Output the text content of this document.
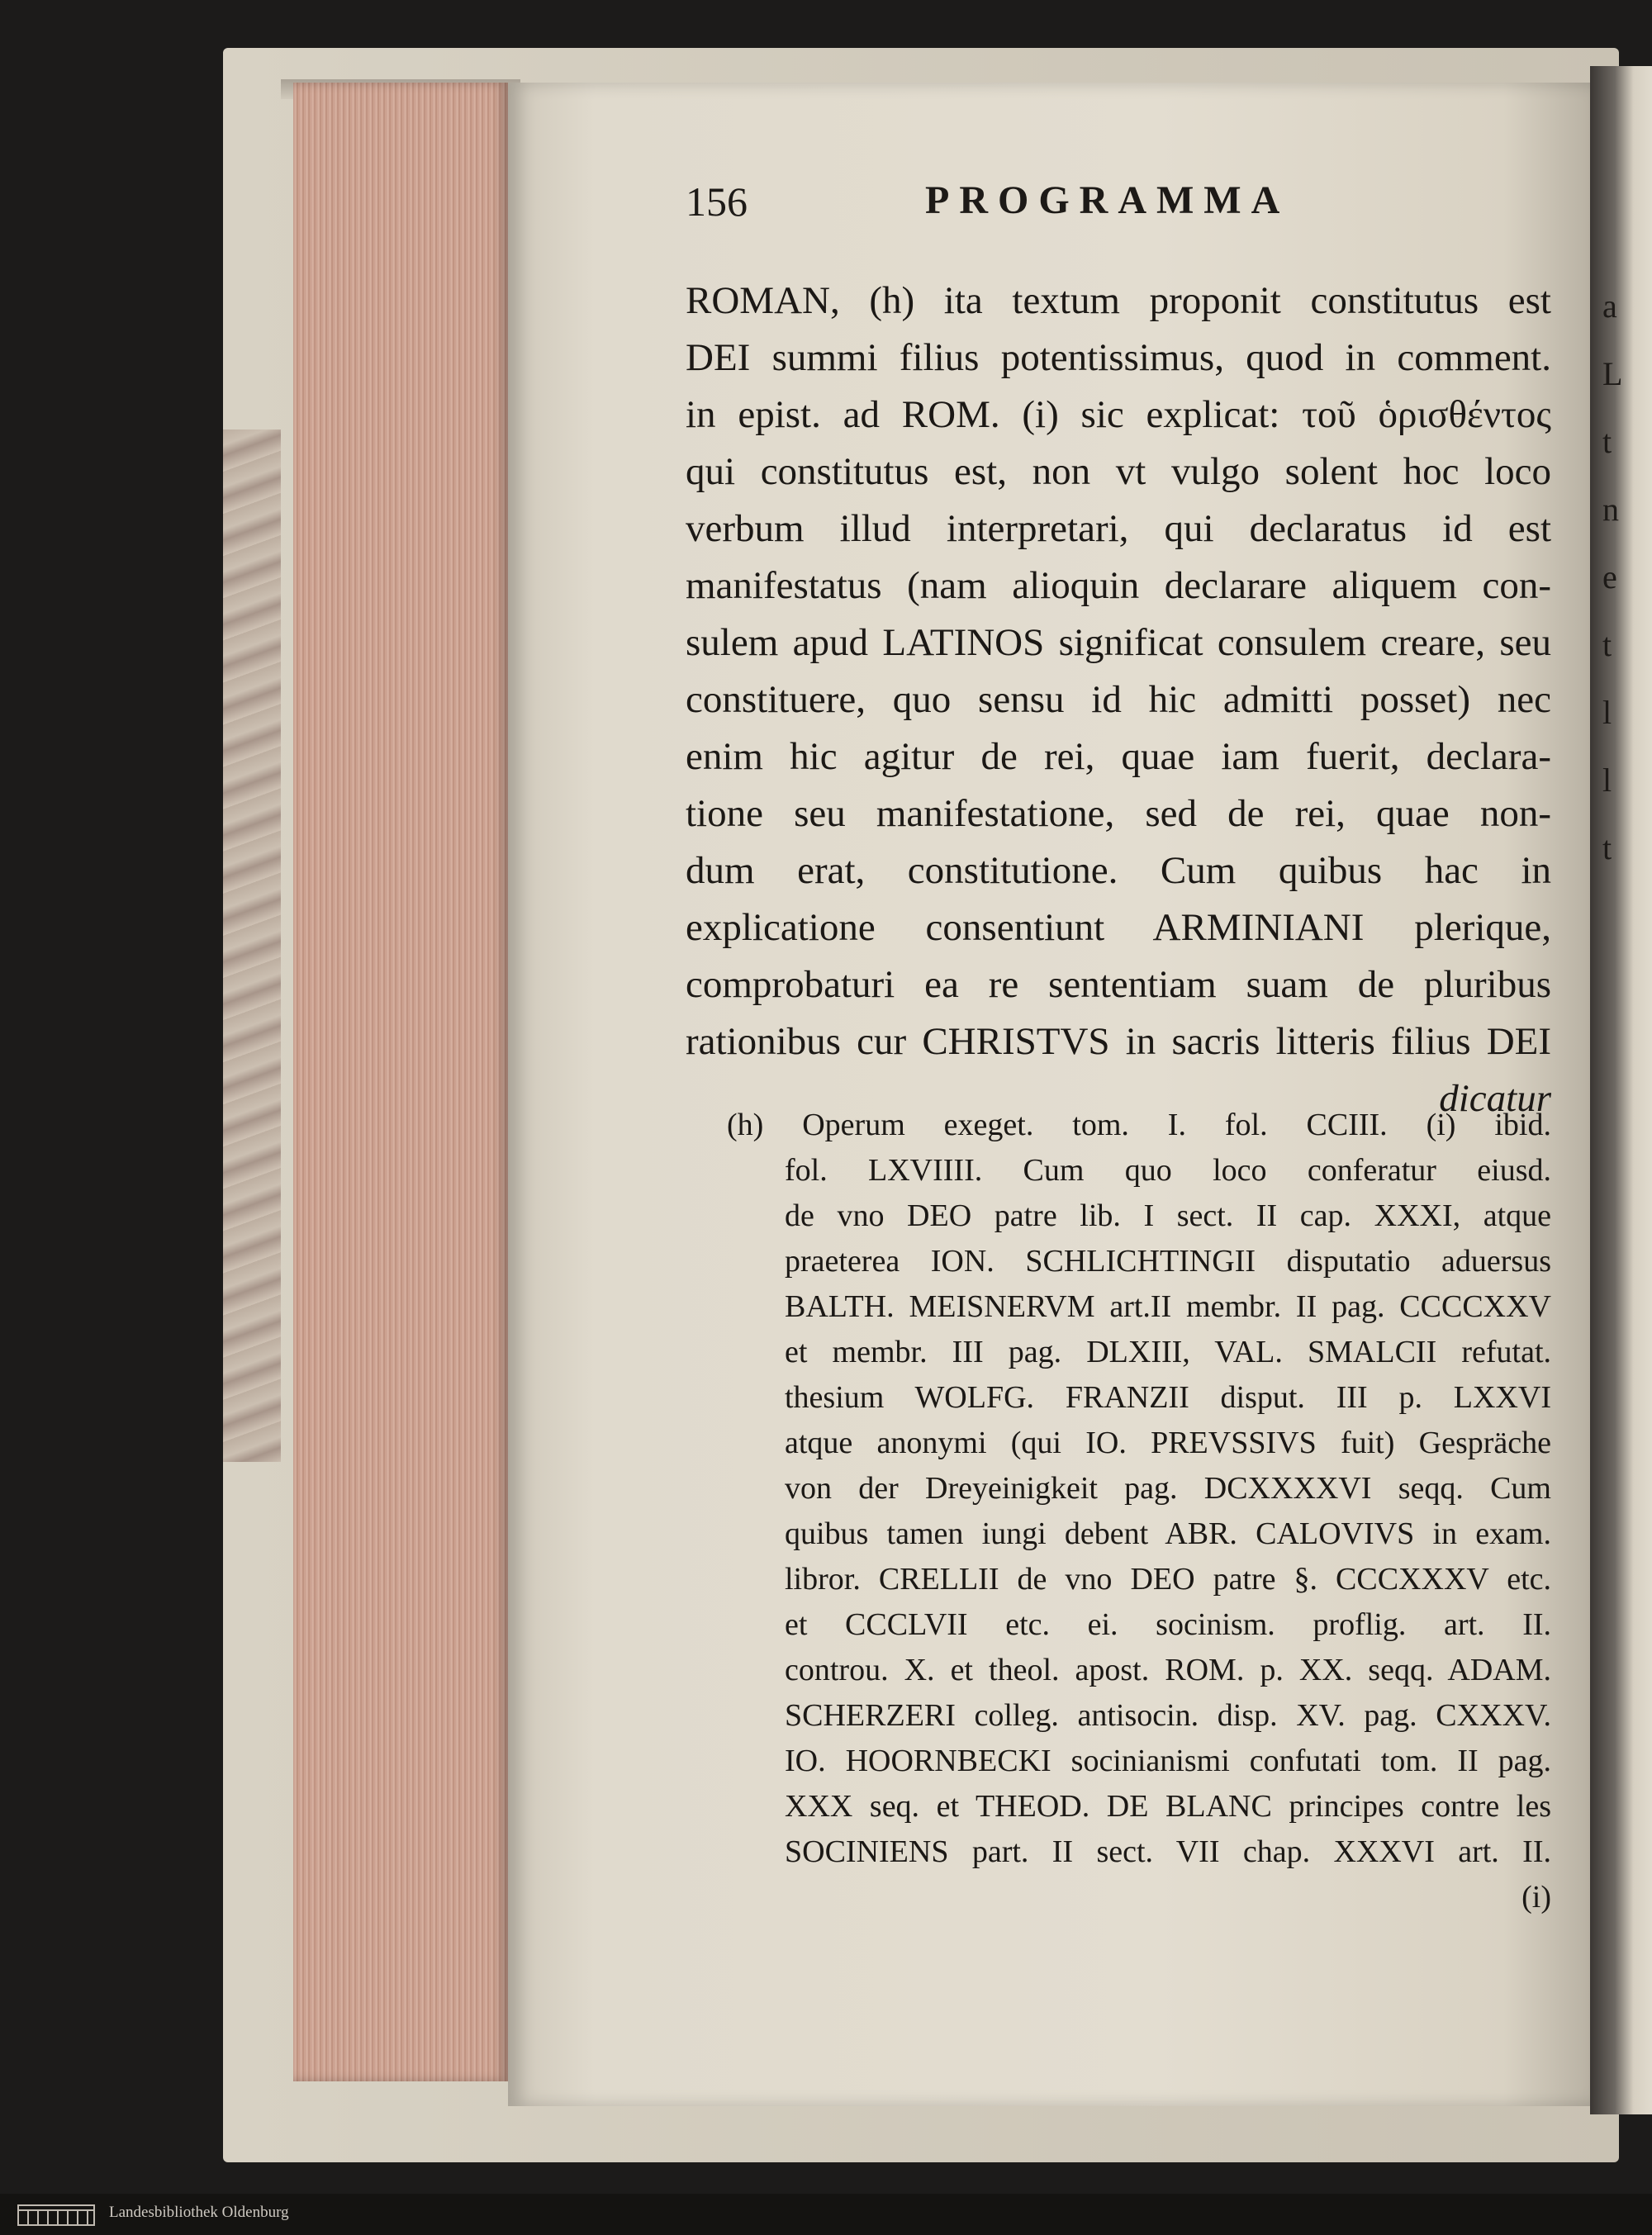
156	PROGRAMMA
ROMAN, (h) ita textum proponit constitutus est
DEI summi filius potentissimus, quod in comment.
in epist. ad ROM. (i) sic explicat: τοῦ ὁρισθέντος
qui constitutus est, non vt vulgo solent hoc loco
verbum illud interpretari, qui declaratus id est
manifestatus (nam alioquin declarare aliquem con-
sulem apud LATINOS significat consulem creare, seu
constituere, quo sensu id hic admitti posset) nec
enim hic agitur de rei, quae iam fuerit, declara-
tione seu manifestatione, sed de rei, quae non-
dum erat, constitutione. Cum quibus hac in
explicatione consentiunt ARMINIANI plerique,
comprobaturi ea re sententiam suam de pluribus
rationibus cur CHRISTVS in sacris litteris filius DEI
dicatur
(h) Operum exeget. tom. I. fol. CCIII. (i) ibid.
fol. LXVIIII. Cum quo loco conferatur eiusd.
de vno DEO patre lib. I sect. II cap. XXXI, atque
praeterea ION. SCHLICHTINGII disputatio aduersus
BALTH. MEISNERVM art.II membr. II pag. CCCCXXV
et membr. III pag. DLXIII, VAL. SMALCII refutat.
thesium WOLFG. FRANZII disput. III p. LXXVI
atque anonymi (qui IO. PREVSSIVS fuit) Gespräche
von der Dreyeinigkeit pag. DCXXXXVI seqq. Cum
quibus tamen iungi debent ABR. CALOVIVS in exam.
libror. CRELLII de vno DEO patre §. CCCXXXV etc.
et CCCLVII etc. ei. socinism. proflig. art. II.
controu. X. et theol. apost. ROM. p. XX. seqq. ADAM.
SCHERZERI colleg. antisocin. disp. XV. pag. CXXXV.
IO. HOORNBECKI socinianismi confutati tom. II pag.
XXX seq. et THEOD. DE BLANC principes contre les
SOCINIENS part. II sect. VII chap. XXXVI art. II.
(i)
a
L
t
n
e
t
l
l
t
Landesbibliothek Oldenburg
